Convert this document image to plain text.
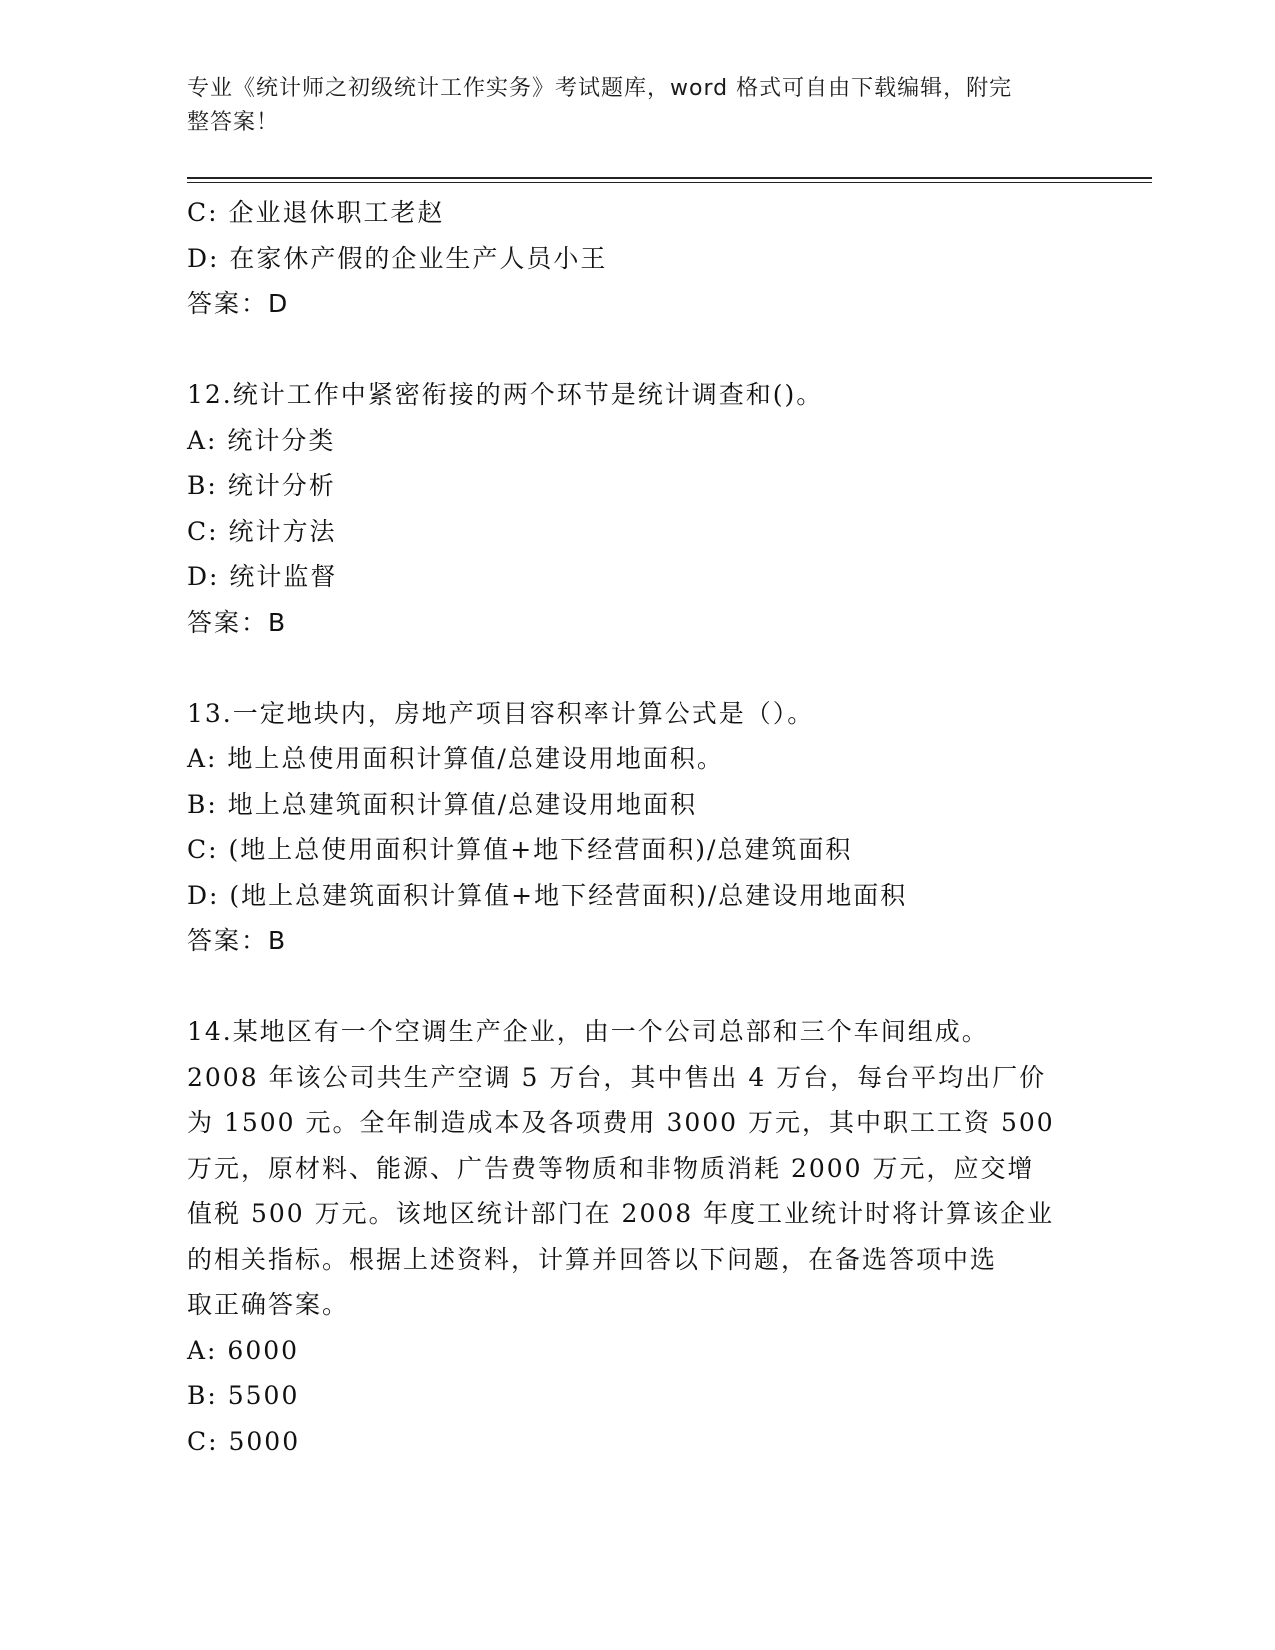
专业《统计师之初级统计工作实务》考试题库，word 格式可自由下载编辑，附完
整答案！
C: 企业退休职工老赵
D: 在家休产假的企业生产人员小王
答案：D
12.统计工作中紧密衔接的两个环节是统计调查和()。
A: 统计分类
B: 统计分析
C: 统计方法
D: 统计监督
答案：B
13.一定地块内，房地产项目容积率计算公式是（）。
A: 地上总使用面积计算值/总建设用地面积。
B: 地上总建筑面积计算值/总建设用地面积
C: (地上总使用面积计算值+地下经营面积)/总建筑面积
D: (地上总建筑面积计算值+地下经营面积)/总建设用地面积
答案：B
14.某地区有一个空调生产企业，由一个公司总部和三个车间组成。
2008 年该公司共生产空调 5 万台，其中售出 4 万台，每台平均出厂价
为 1500 元。全年制造成本及各项费用 3000 万元，其中职工工资 500
万元，原材料、能源、广告费等物质和非物质消耗 2000 万元，应交增
值税 500 万元。该地区统计部门在 2008 年度工业统计时将计算该企业
的相关指标。根据上述资料，计算并回答以下问题，在备选答项中选
取正确答案。
A: 6000
B: 5500
C: 5000
